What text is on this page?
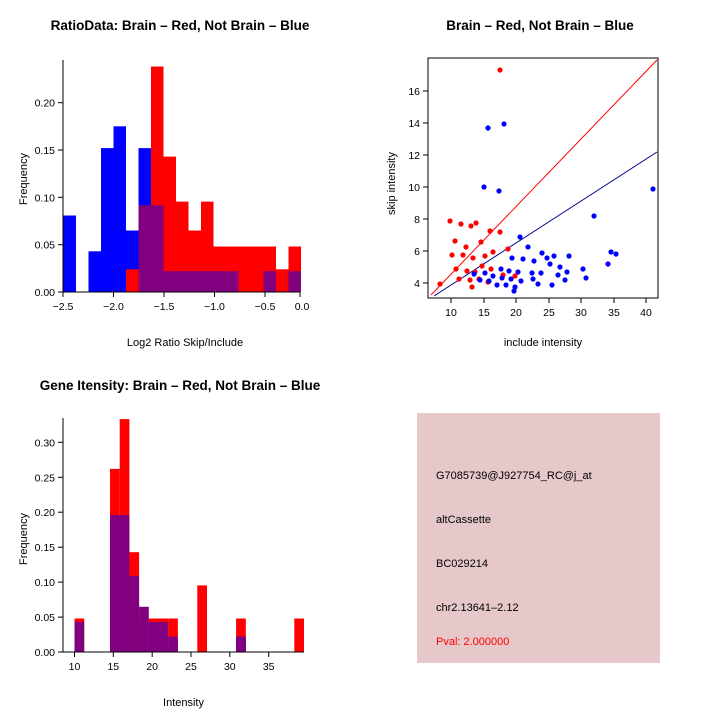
RatioData: Brain – Red, Not Brain – Blue
0.00
0.05
0.10
0.15
0.20
−2.5	−2.0	−1.5	−1.0	−0.5 0.0
Log2 Ratio Skip/Include
Frequency
Brain – Red, Not Brain – Blue
10 15 20 25 30 35 40
4
6
8
10
12
14
16
include intensity
skip intensity
Gene Itensity: Brain – Red, Not Brain – Blue
0.00
0.05
0.10
0.15
0.20
0.25
0.30
10	15	20	25	30	35
Intensity
Frequency
G7085739@J927754_RC@j_at
altCassette
BC029214
chr2.13641–2.12
Pval: 2.000000
